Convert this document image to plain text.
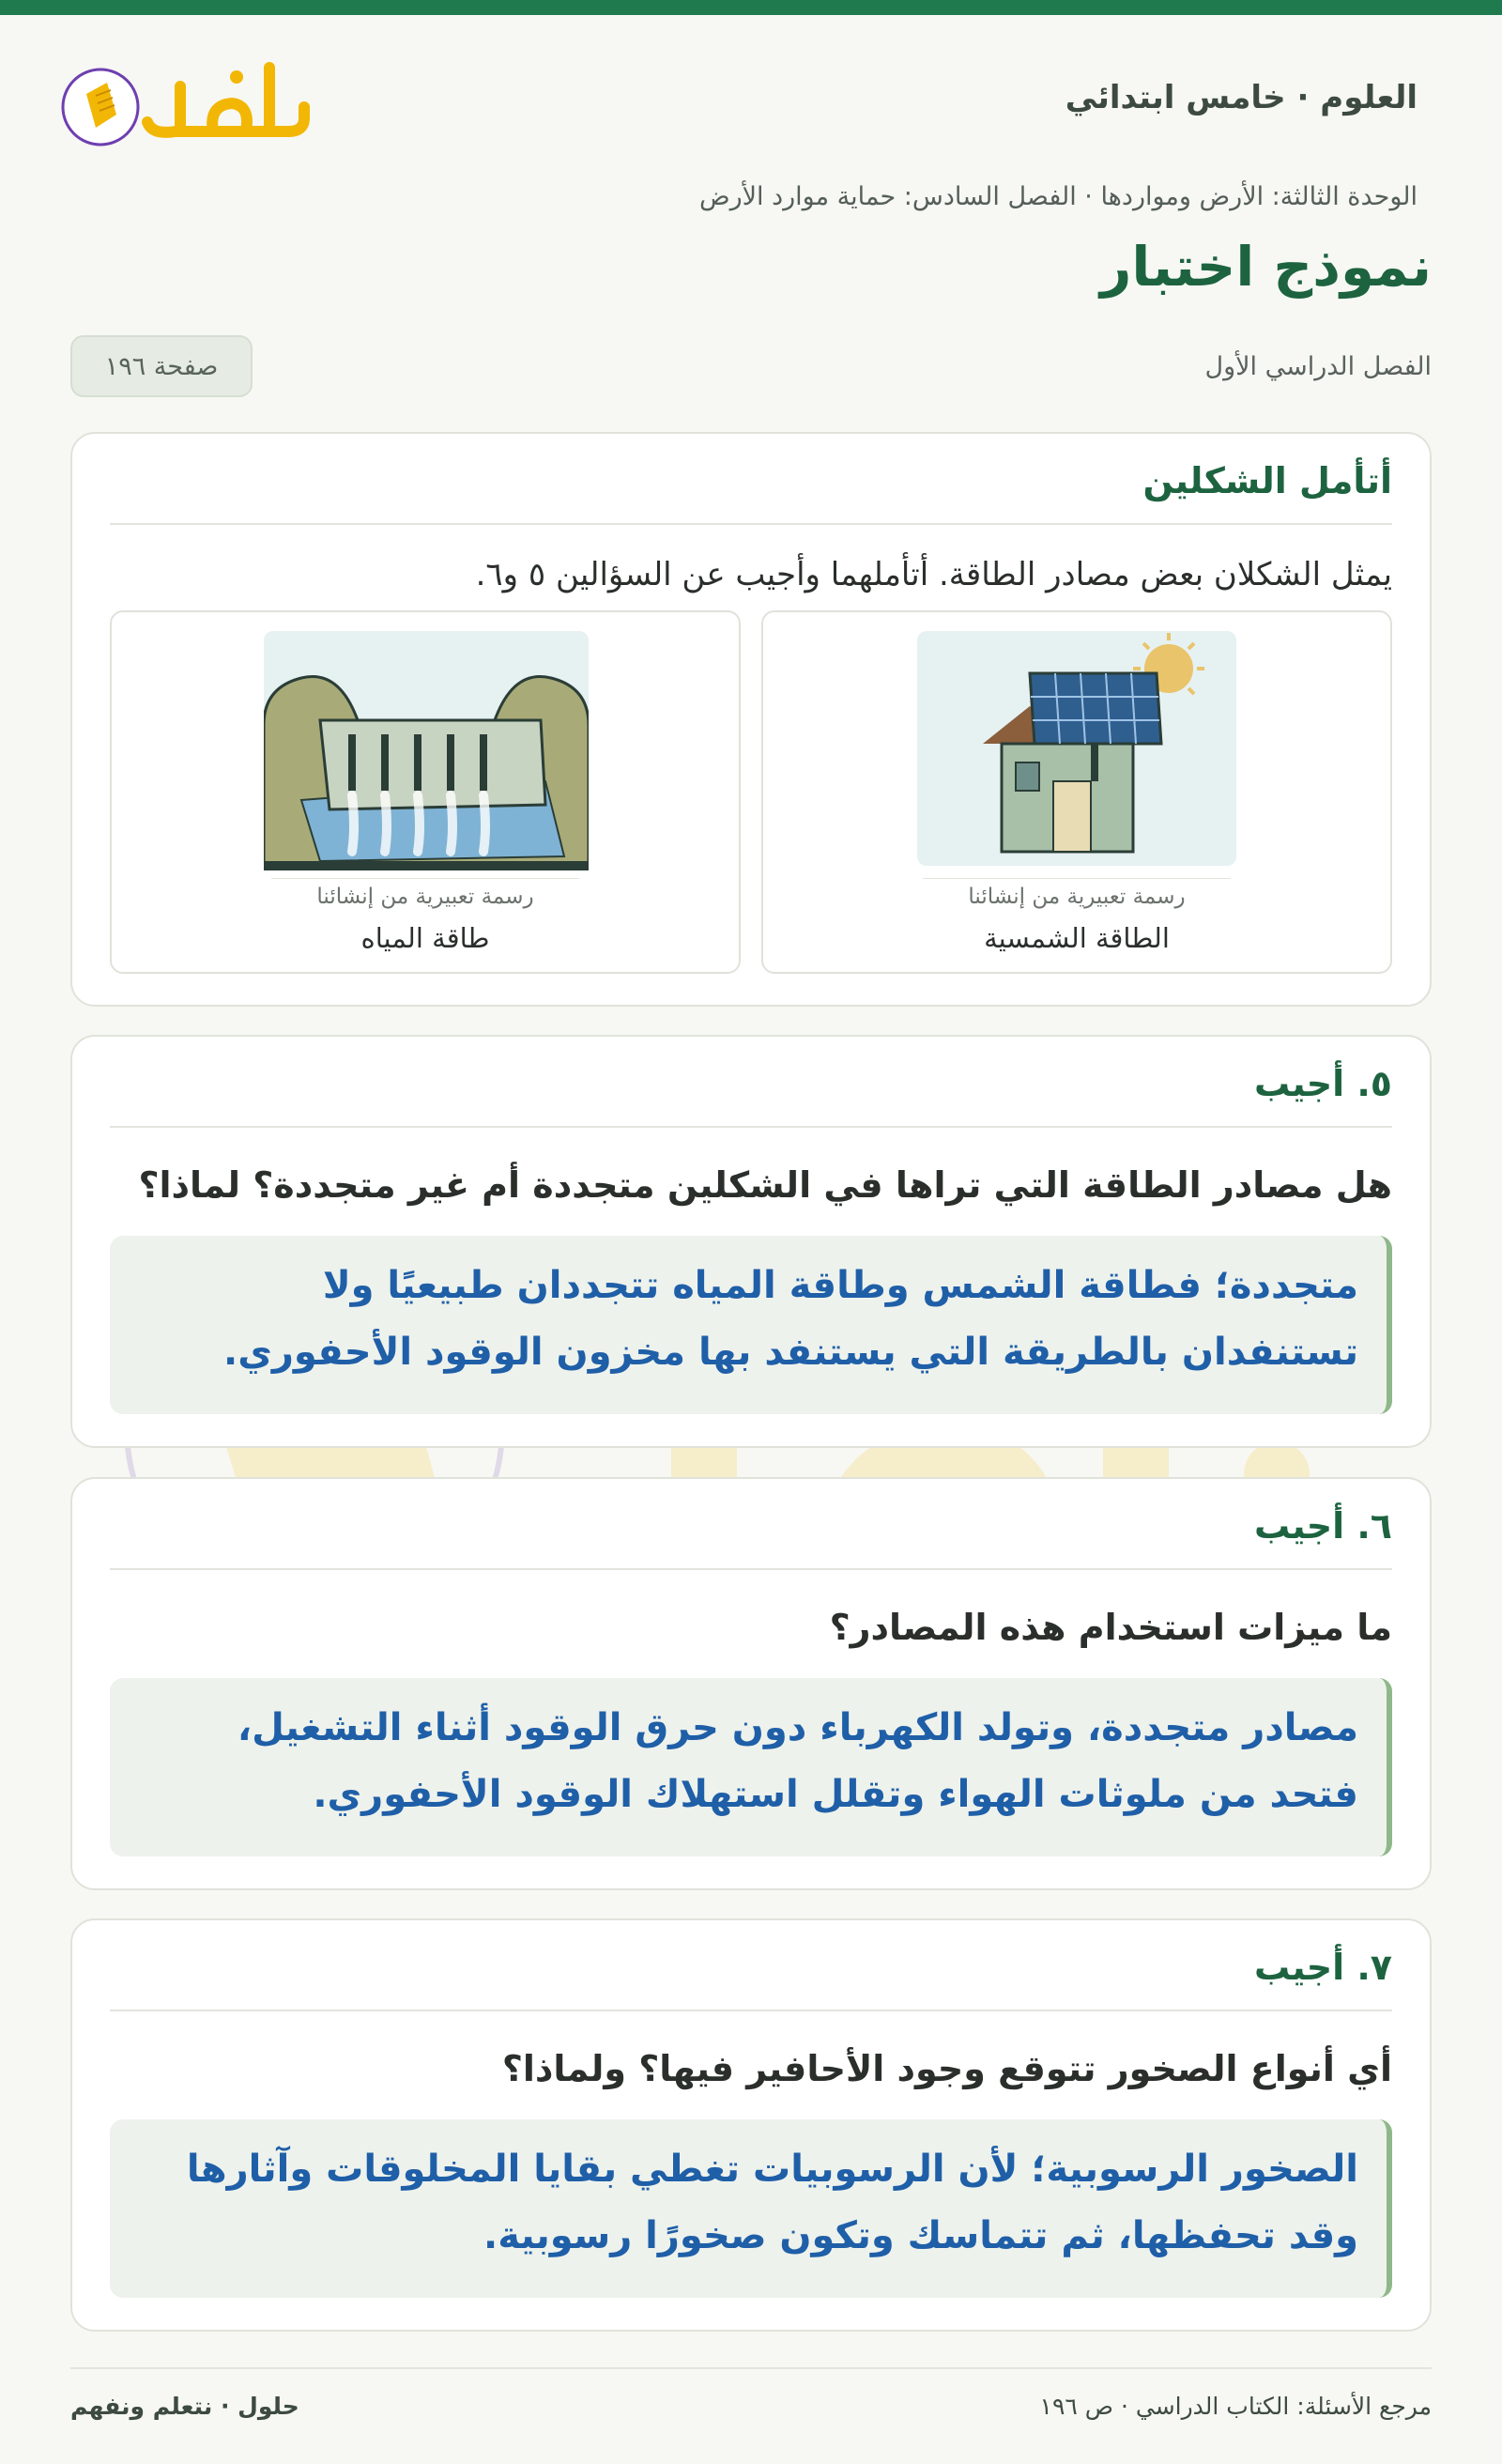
العلوم · خامس ابتدائي
الوحدة الثالثة: الأرض ومواردها · الفصل السادس: حماية موارد الأرض
نموذج اختبار
الفصل الدراسي الأول
صفحة ١٩٦
أتأمل الشكلين
يمثل الشكلان بعض مصادر الطاقة. أتأملهما وأجيب عن السؤالين ٥ و٦.
رسمة تعبيرية من إنشائنا
الطاقة الشمسية
رسمة تعبيرية من إنشائنا
طاقة المياه
٥. أجيب
هل مصادر الطاقة التي تراها في الشكلين متجددة أم غير متجددة؟ لماذا؟
متجددة؛ فطاقة الشمس وطاقة المياه تتجددان طبيعيًا ولا تستنفدان بالطريقة التي يستنفد بها مخزون الوقود الأحفوري.
٦. أجيب
ما ميزات استخدام هذه المصادر؟
مصادر متجددة، وتولد الكهرباء دون حرق الوقود أثناء التشغيل، فتحد من ملوثات الهواء وتقلل استهلاك الوقود الأحفوري.
٧. أجيب
أي أنواع الصخور تتوقع وجود الأحافير فيها؟ ولماذا؟
الصخور الرسوبية؛ لأن الرسوبيات تغطي بقايا المخلوقات وآثارها وقد تحفظها، ثم تتماسك وتكون صخورًا رسوبية.
مرجع الأسئلة: الكتاب الدراسي · ص ١٩٦
حلول · نتعلم ونفهم
